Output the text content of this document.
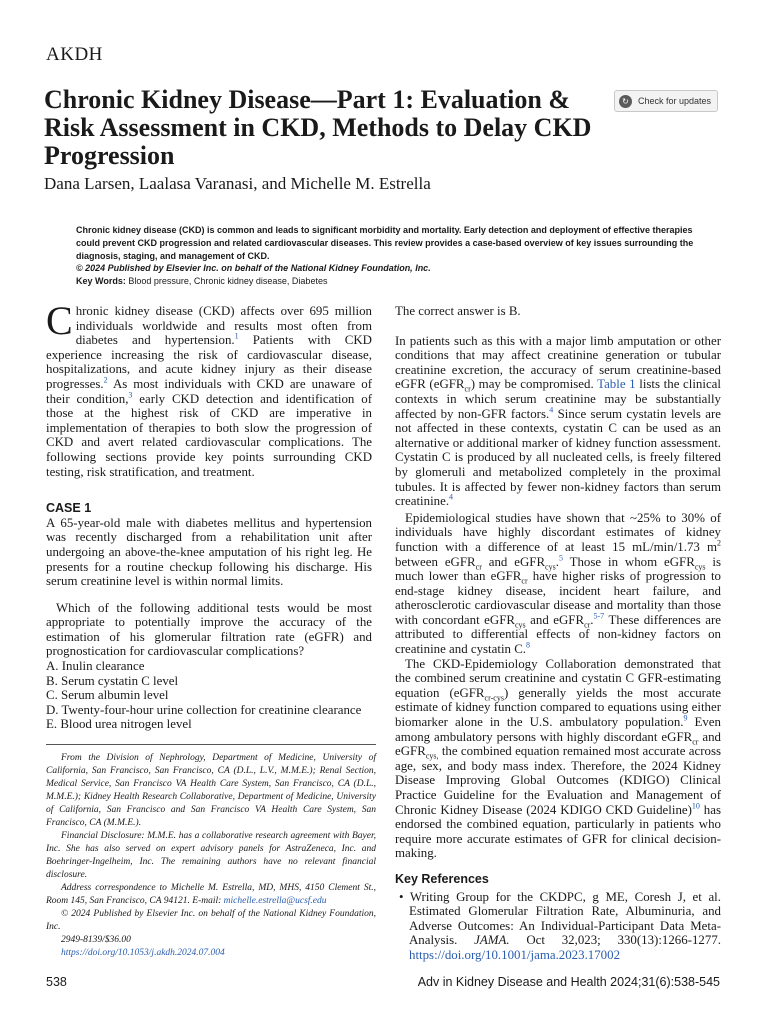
AKDH
Chronic Kidney Disease—Part 1: Evaluation & Risk Assessment in CKD, Methods to Delay CKD Progression
↻	Check for updates
Dana Larsen, Laalasa Varanasi, and Michelle M. Estrella

Chronic kidney disease (CKD) is common and leads to significant morbidity and mortality. Early detection and deployment of effective therapies could prevent CKD progression and related cardiovascular diseases. This review provides a case-based overview of key issues surrounding the diagnosis, staging, and management of CKD.

© 2024 Published by Elsevier Inc. on behalf of the National Kidney Foundation, Inc.

Key Words: Blood pressure, Chronic kidney disease, Diabetes

Chronic kidney disease (CKD) affects over 695 million individuals worldwide and results most often from diabetes and hypertension.$^1$ Patients with CKD experience increasing the risk of cardiovascular disease, hospitalizations, and acute kidney injury as their disease progresses.$^2$ As most individuals with CKD are unaware of their condition,$^3$ early CKD detection and identification of those at the highest risk of CKD are imperative in implementation of therapies to both slow the progression of CKD and avert related cardiovascular complications. The following sections provide key points surrounding CKD testing, risk stratification, and treatment.

CASE 1

A 65-year-old male with diabetes mellitus and hypertension was recently discharged from a rehabilitation unit after undergoing an above-the-knee amputation of his right leg. He presents for a routine checkup following his discharge. His serum creatinine level is within normal limits.

Which of the following additional tests would be most appropriate to potentially improve the accuracy of the estimation of his glomerular filtration rate (eGFR) and prognostication for cardiovascular complications?

A. Inulin clearance
B. Serum cystatin C level
C. Serum albumin level
D. Twenty-four-hour urine collection for creatinine clearance
E. Blood urea nitrogen level

From the Division of Nephrology, Department of Medicine, University of California, San Francisco, San Francisco, CA (D.L., L.V., M.M.E.); Renal Section, Medical Service, San Francisco VA Health Care System, San Francisco, CA (D.L., M.M.E.); Kidney Health Research Collaborative, Department of Medicine, University of California, San Francisco and San Francisco VA Health Care System, San Francisco, CA (M.M.E.).

Financial Disclosure: M.M.E. has a collaborative research agreement with Bayer, Inc. She has also served on expert advisory panels for AstraZeneca, Inc. and Boehringer-Ingelheim, Inc. The remaining authors have no relevant financial disclosure.

Address correspondence to Michelle M. Estrella, MD, MHS, 4150 Clement St., Room 145, San Francisco, CA 94121. E-mail: michelle.estrella@ucsf.edu

© 2024 Published by Elsevier Inc. on behalf of the National Kidney Foundation, Inc.

2949-8139/$36.00

https://doi.org/10.1053/j.akdh.2024.07.004

The correct answer is B.

In patients such as this with a major limb amputation or other conditions that may affect creatinine generation or tubular creatinine excretion, the accuracy of serum creatinine-based eGFR (eGFR$_{cr}$) may be compromised. Table 1 lists the clinical contexts in which serum creatinine may be substantially affected by non-GFR factors.$^4$ Since serum cystatin levels are not affected in these contexts, cystatin C can be used as an alternative or additional marker of kidney function assessment. Cystatin C is produced by all nucleated cells, is freely filtered by glomeruli and metabolized completely in the proximal tubules. It is affected by fewer non-kidney factors than serum creatinine.$^4$

Epidemiological studies have shown that ~25% to 30% of individuals have highly discordant estimates of kidney function with a difference of at least 15 mL/min/1.73 $m^2$ between eGFR$_{cr}$ and eGFR$_{cys}$.$^5$ Those in whom eGFR$_{cys}$ is much lower than eGFR$_{cr}$ have higher risks of progression to end-stage kidney disease, incident heart failure, and atherosclerotic cardiovascular disease and mortality than those with concordant eGFR$_{cys}$ and eGFR$_{cr}$.$^{5-7}$ These differences are attributed to differential effects of non-kidney factors on creatinine and cystatin C.$^8$

The CKD-Epidemiology Collaboration demonstrated that the combined serum creatinine and cystatin C GFR-estimating equation (eGFR$_{cr-cys}$) generally yields the most accurate estimate of kidney function compared to equations using either biomarker alone in the U.S. ambulatory population.$^9$ Even among ambulatory persons with highly discordant eGFR$_{cr}$ and eGFR$_{cys,}$ the combined equation remained most accurate across age, sex, and body mass index. Therefore, the 2024 Kidney Disease Improving Global Outcomes (KDIGO) Clinical Practice Guideline for the Evaluation and Management of Chronic Kidney Disease (2024 KDIGO CKD Guideline)$^{10}$ has endorsed the combined equation, particularly in patients who require more accurate estimates of GFR for clinical decision-making.

Key References
• Writing Group for the CKDPC, g ME, Coresh J, et al. Estimated Glomerular Filtration Rate, Albuminuria, and Adverse Outcomes: An Individual-Participant Data Meta-Analysis. JAMA. Oct 32,023; 330(13):1266-1277. https://doi.org/10.1001/jama.2023.17002
538	Adv in Kidney Disease and Health 2024;31(6):538-545
